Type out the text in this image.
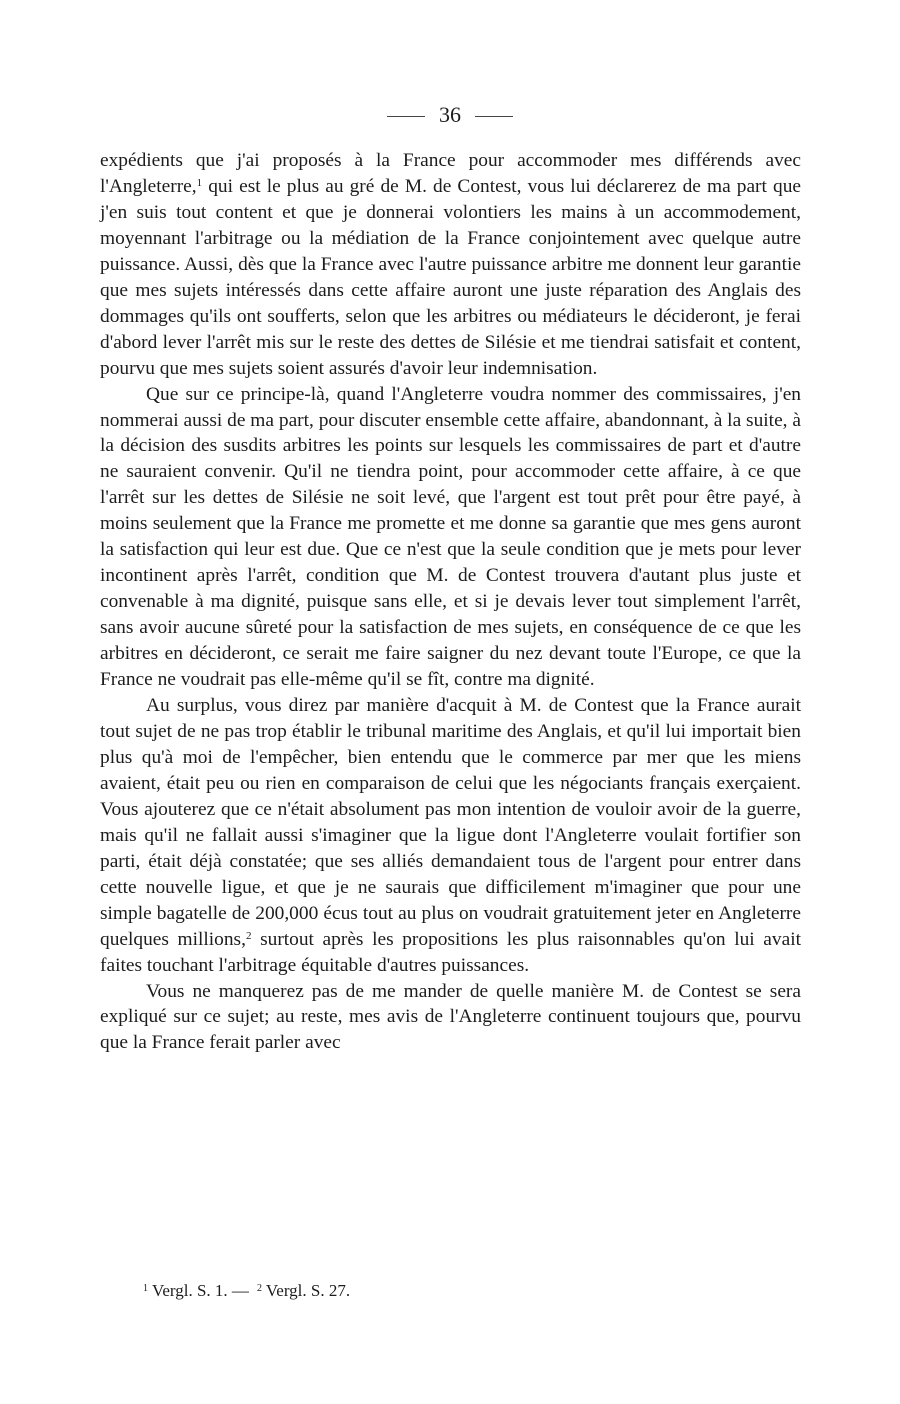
36

expédients que j'ai proposés à la France pour accommoder mes différends avec l'Angleterre,$^1$ qui est le plus au gré de M. de Contest, vous lui déclarerez de ma part que j'en suis tout content et que je donnerai volontiers les mains à un accommodement, moyennant l'arbitrage ou la médiation de la France conjointement avec quelque autre puissance. Aussi, dès que la France avec l'autre puissance arbitre me donnent leur garantie que mes sujets intéressés dans cette affaire auront une juste réparation des Anglais des dommages qu'ils ont soufferts, selon que les arbitres ou médiateurs le décideront, je ferai d'abord lever l'arrêt mis sur le reste des dettes de Silésie et me tiendrai satisfait et content, pourvu que mes sujets soient assurés d'avoir leur indemnisation.

Que sur ce principe-là, quand l'Angleterre voudra nommer des commissaires, j'en nommerai aussi de ma part, pour discuter ensemble cette affaire, abandonnant, à la suite, à la décision des susdits arbitres les points sur lesquels les commissaires de part et d'autre ne sauraient convenir. Qu'il ne tiendra point, pour accommoder cette affaire, à ce que l'arrêt sur les dettes de Silésie ne soit levé, que l'argent est tout prêt pour être payé, à moins seulement que la France me promette et me donne sa garantie que mes gens auront la satisfaction qui leur est due. Que ce n'est que la seule condition que je mets pour lever incontinent après l'arrêt, condition que M. de Contest trouvera d'autant plus juste et convenable à ma dignité, puisque sans elle, et si je devais lever tout simplement l'arrêt, sans avoir aucune sûreté pour la satisfaction de mes sujets, en conséquence de ce que les arbitres en décideront, ce serait me faire saigner du nez devant toute l'Europe, ce que la France ne voudrait pas elle-même qu'il se fît, contre ma dignité.

Au surplus, vous direz par manière d'acquit à M. de Contest que la France aurait tout sujet de ne pas trop établir le tribunal maritime des Anglais, et qu'il lui importait bien plus qu'à moi de l'empêcher, bien entendu que le commerce par mer que les miens avaient, était peu ou rien en comparaison de celui que les négociants français exerçaient. Vous ajouterez que ce n'était absolument pas mon intention de vouloir avoir de la guerre, mais qu'il ne fallait aussi s'imaginer que la ligue dont l'Angleterre voulait fortifier son parti, était déjà constatée; que ses alliés demandaient tous de l'argent pour entrer dans cette nouvelle ligue, et que je ne saurais que difficilement m'imaginer que pour une simple bagatelle de 200,000 écus tout au plus on voudrait gratuitement jeter en Angleterre quelques millions,$^2$ surtout après les propositions les plus raisonnables qu'on lui avait faites touchant l'arbitrage équitable d'autres puissances.

Vous ne manquerez pas de me mander de quelle manière M. de Contest se sera expliqué sur ce sujet; au reste, mes avis de l'Angleterre continuent toujours que, pourvu que la France ferait parler avec

$^1$ Vergl. S. 1. — $^2$ Vergl. S. 27.
